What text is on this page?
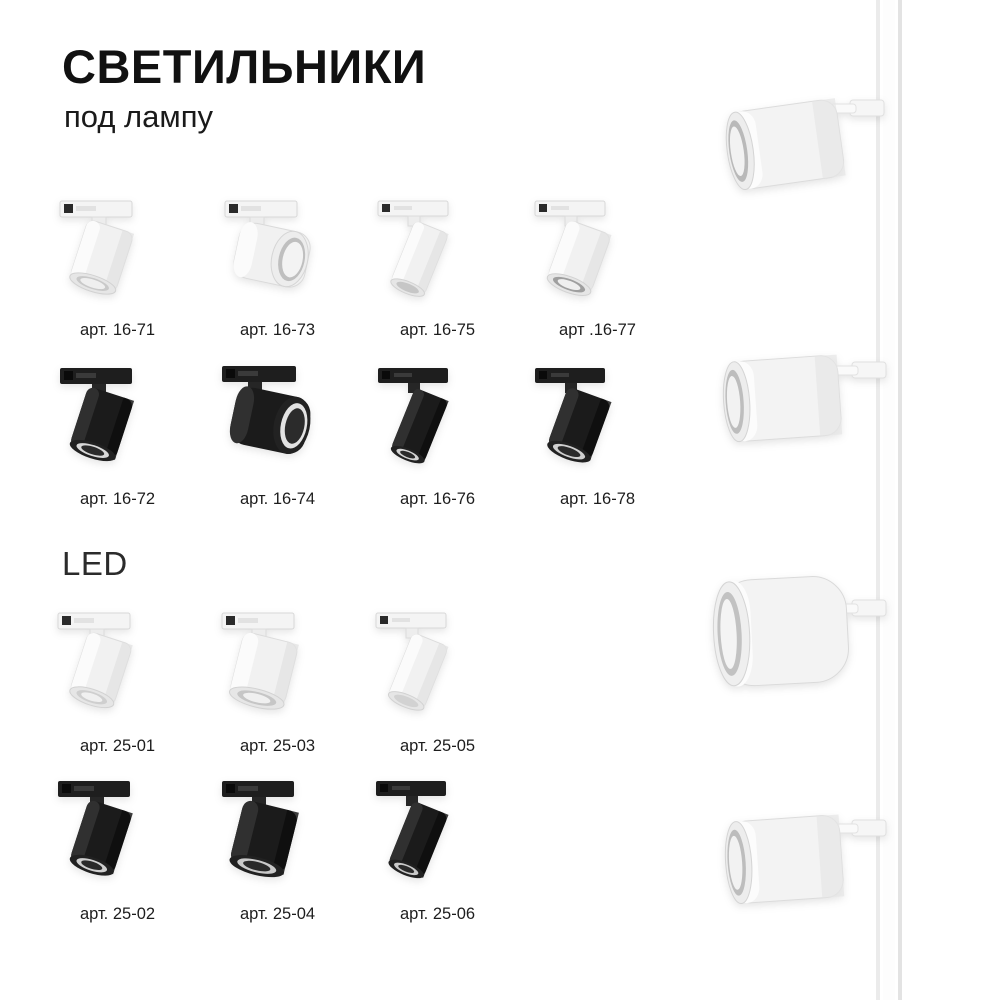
СВЕТИЛЬНИКИ
под лампу
арт. 16-71	арт. 16-73	арт. 16-75	арт .16-77
арт. 16-72	арт. 16-74	арт. 16-76	арт. 16-78
LED
арт. 25-01	арт. 25-03	арт. 25-05
арт. 25-02	арт. 25-04	арт. 25-06
